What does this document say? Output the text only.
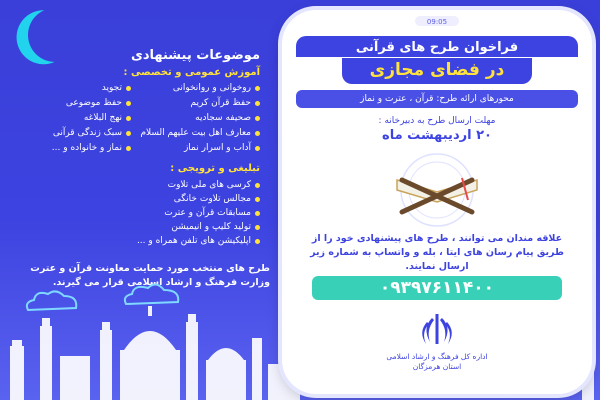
موضوعات پیشنهادی
آموزش عمومی و تخصصی :
روخوانی و روانخوانی
تجوید
حفظ قرآن کریم
حفظ موضوعی
صحیفه سجادیه
نهج البلاغه
معارف اهل بیت علیهم السلام
سبک زندگی قرآنی
آداب و اسرار نماز
نماز و خانواده و ...
تبلیغی و ترویجی :
کرسی های ملی تلاوت
مجالس تلاوت خانگی
مسابقات قرآن و عترت
تولید کلیپ و انیمیشن
اپلیکیشن های تلفن همراه و ...
طرح های منتخب مورد حمایت معاونت قرآن و عترت وزارت فرهنگ و ارشاد اسلامی قرار می گیرند.
09:05
فراخوان طرح های قرآنی
در فضای مجازی
محورهای ارائه طرح: قرآن ، عترت و نماز
مهلت ارسال طرح به دبیرخانه :
۲۰ اردیبهشت ماه
علاقه مندان می توانند ، طرح های پیشنهادی خود را از طریق پیام رسان های ایتا ، بله و واتساپ به شماره زیر ارسال نمایند.
۰۹۳۹۷۶۱۱۴۰۰
اداره کل فرهنگ و ارشاد اسلامی
استان هرمزگان
